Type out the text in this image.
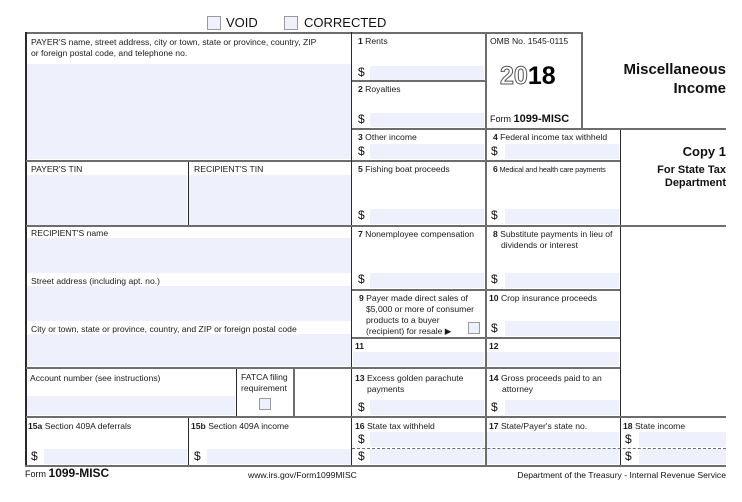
VOID	CORRECTED
PAYER'S name, street address, city or town, state or province, country, ZIP
or foreign postal code, and telephone no.
PAYER'S TIN	RECIPIENT'S TIN
RECIPIENT'S name
Street address (including apt. no.)
City or town, state or province, country, and ZIP or foreign postal code
Account number (see instructions)	FATCA filing
requirement
OMB No. 1545-0115
2018
Form 1099-MISC
Miscellaneous
Income
Copy 1
For State Tax
Department
1 Rents
$
2 Royalties
$
3 Other income
$
4 Federal income tax withheld
$
5 Fishing boat proceeds
$
6 Medical and health care payments
$
7 Nonemployee compensation
$
8 Substitute payments in lieu of
dividends or interest
$
9 Payer made direct sales of
$5,000 or more of consumer
products to a buyer
(recipient) for resale ▶
10 Crop insurance proceeds
$
11	12
13 Excess golden parachute
payments
$
14 Gross proceeds paid to an
attorney
$
15a Section 409A deferrals
$
15b Section 409A income
$
16 State tax withheld
$
$
17 State/Payer's state no.	18 State income
$
$
Form 1099-MISC	www.irs.gov/Form1099MISC	Department of the Treasury - Internal Revenue Service
